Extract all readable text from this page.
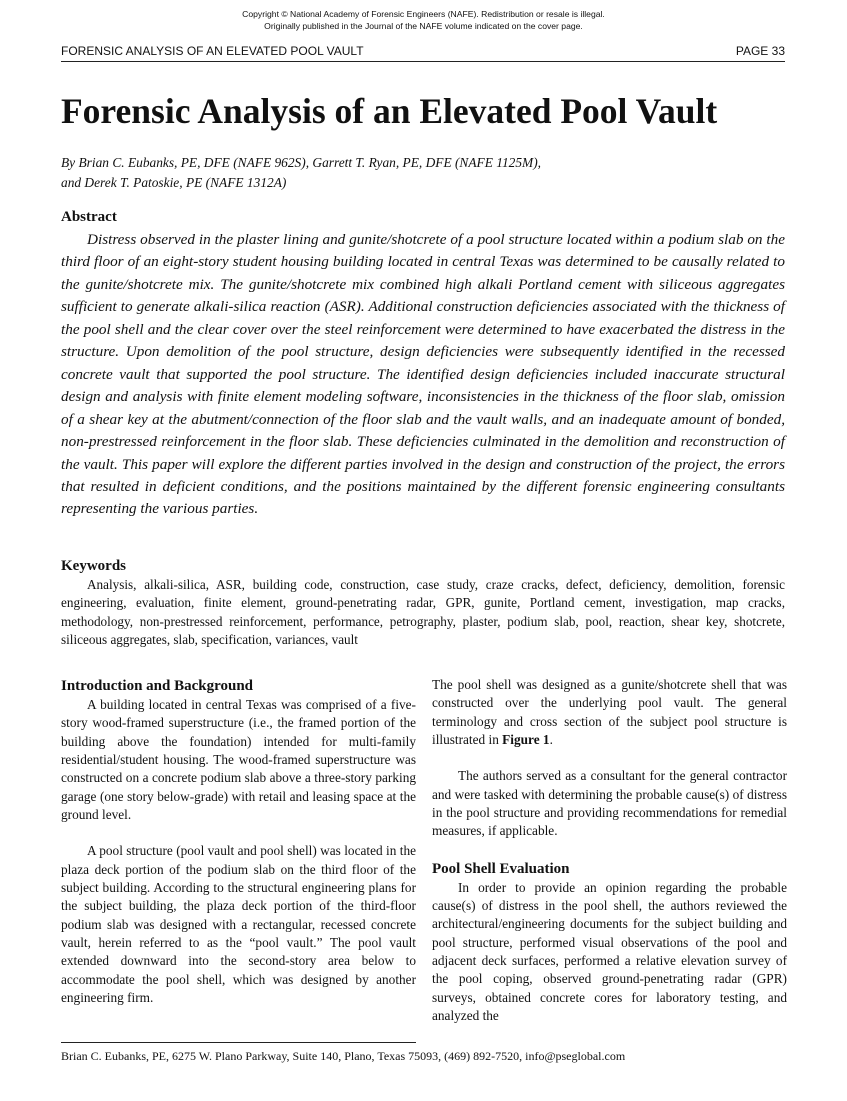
Copyright © National Academy of Forensic Engineers (NAFE). Redistribution or resale is illegal.
Originally published in the Journal of the NAFE volume indicated on the cover page.
FORENSIC ANALYSIS OF AN ELEVATED POOL VAULT	PAGE 33
Forensic Analysis of an Elevated Pool Vault
By Brian C. Eubanks, PE, DFE (NAFE 962S), Garrett T. Ryan, PE, DFE (NAFE 1125M),
and Derek T. Patoskie, PE (NAFE 1312A)
Abstract

Distress observed in the plaster lining and gunite/shotcrete of a pool structure located within a podium slab on the third floor of an eight-story student housing building located in central Texas was determined to be causally related to the gunite/shotcrete mix. The gunite/shotcrete mix combined high alkali Portland cement with siliceous aggregates sufficient to generate alkali-silica reaction (ASR). Additional construction deficiencies associated with the thickness of the pool shell and the clear cover over the steel reinforcement were determined to have exacerbated the distress in the structure. Upon demolition of the pool structure, design deficiencies were subsequently identified in the recessed concrete vault that supported the pool structure. The identified design deficiencies included inaccurate structural design and analysis with finite element modeling software, inconsistencies in the thickness of the floor slab, omission of a shear key at the abutment/connection of the floor slab and the vault walls, and an inadequate amount of bonded, non-prestressed reinforcement in the floor slab. These deficiencies culminated in the demolition and reconstruction of the vault. This paper will explore the different parties involved in the design and construction of the project, the errors that resulted in deficient conditions, and the positions maintained by the different forensic engineering consultants representing the various parties.

Keywords

Analysis, alkali-silica, ASR, building code, construction, case study, craze cracks, defect, deficiency, demolition, forensic engineering, evaluation, finite element, ground-penetrating radar, GPR, gunite, Portland cement, investigation, map cracks, methodology, non-prestressed reinforcement, performance, petrography, plaster, podium slab, pool, reaction, shear key, shotcrete, siliceous aggregates, slab, specification, variances, vault

Introduction and Background

A building located in central Texas was comprised of a five-story wood-framed superstructure (i.e., the framed portion of the building above the foundation) intended for multi-family residential/student housing. The wood-framed superstructure was constructed on a concrete podium slab above a three-story parking garage (one story below-grade) with retail and leasing space at the ground level.

A pool structure (pool vault and pool shell) was located in the plaza deck portion of the podium slab on the third floor of the subject building. According to the structural engineering plans for the subject building, the plaza deck portion of the third-floor podium slab was designed with a rectangular, recessed concrete vault, herein referred to as the “pool vault.” The pool vault extended downward into the second-story area below to accommodate the pool shell, which was designed by another engineering firm.

The pool shell was designed as a gunite/shotcrete shell that was constructed over the underlying pool vault. The general terminology and cross section of the subject pool structure is illustrated in Figure 1.

The authors served as a consultant for the general contractor and were tasked with determining the probable cause(s) of distress in the pool structure and providing recommendations for remedial measures, if applicable.

Pool Shell Evaluation

In order to provide an opinion regarding the probable cause(s) of distress in the pool shell, the authors reviewed the architectural/engineering documents for the subject building and pool structure, performed visual observations of the pool and adjacent deck surfaces, performed a relative elevation survey of the pool coping, observed ground-penetrating radar (GPR) surveys, obtained concrete cores for laboratory testing, and analyzed the

Brian C. Eubanks, PE, 6275 W. Plano Parkway, Suite 140, Plano, Texas 75093, (469) 892-7520, info@pseglobal.com
